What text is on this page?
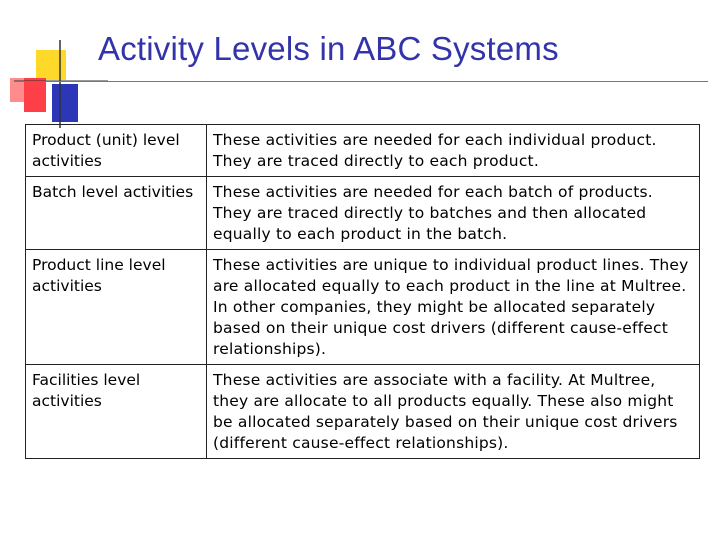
Activity Levels in ABC Systems
Product (unit) level activities	These activities are needed for each individual product. They are traced directly to each product.
Batch level activities	These activities are needed for each batch of products. They are traced directly to batches and then allocated equally to each product in the batch.
Product line level activities	These activities are unique to individual product lines. They are allocated equally to each product in the line at Multree. In other companies, they might be allocated separately based on their unique cost drivers (different cause-effect relationships).
Facilities level activities	These activities are associate with a facility. At Multree, they are allocate to all products equally. These also might be allocated separately based on their unique cost drivers (different cause-effect relationships).
